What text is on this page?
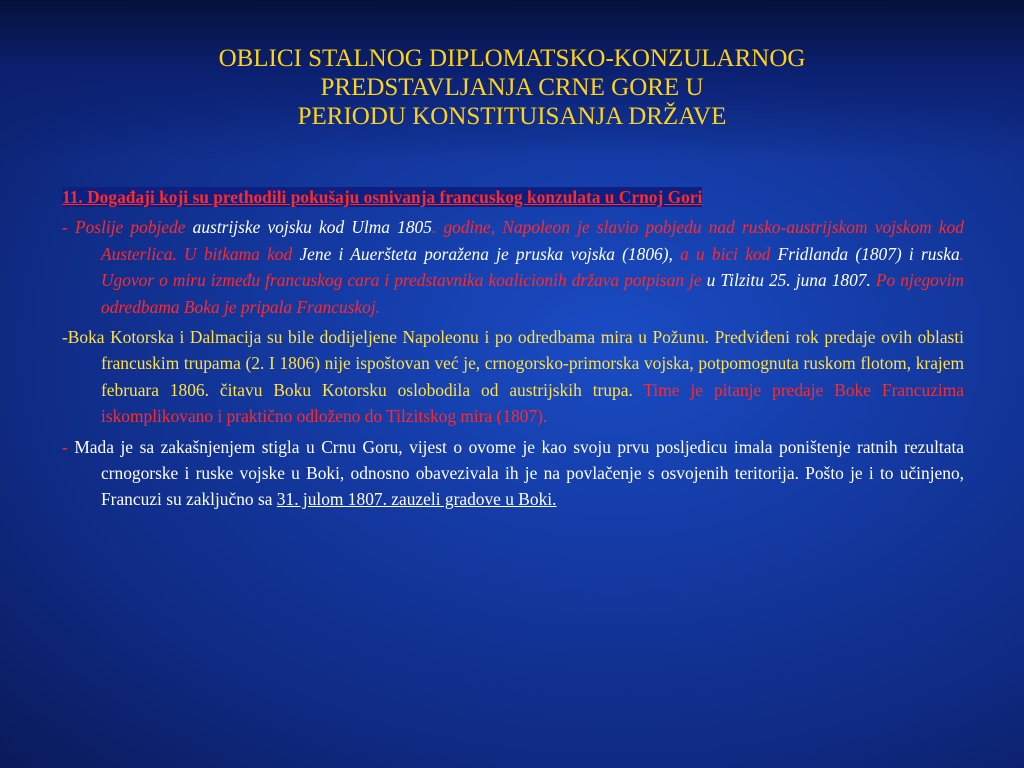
OBLICI STALNOG DIPLOMATSKO-KONZULARNOG
PREDSTAVLJANJA CRNE GORE U
PERIODU KONSTITUISANJA DRŽAVE
11. Događaji koji su prethodili pokušaju osnivanja francuskog konzulata u Crnoj Gori
- Poslije pobjede austrijske vojsku kod Ulma 1805. godine, Napoleon je slavio pobjedu nad rusko-austrijskom vojskom kod Austerlica. U bitkama kod Jene i Aueršteta poražena je pruska vojska (1806), a u bici kod Fridlanda (1807) i ruska. Ugovor o miru između francuskog cara i predstavnika koalicionih država potpisan je u Tilzitu 25. juna 1807. Po njegovim odredbama Boka je pripala Francuskoj.
-Boka Kotorska i Dalmacija su bile dodijeljene Napoleonu i po odredbama mira u Požunu. Predviđeni rok predaje ovih oblasti francuskim trupama (2. I 1806) nije ispoštovan već je, crnogorsko-primorska vojska, potpomognuta ruskom flotom, krajem februara 1806. čitavu Boku Kotorsku oslobodila od austrijskih trupa. Time je pitanje predaje Boke Francuzima iskomplikovano i praktično odloženo do Tilzitskog mira (1807).
- Mada je sa zakašnjenjem stigla u Crnu Goru, vijest o ovome je kao svoju prvu posljedicu imala poništenje ratnih rezultata crnogorske i ruske vojske u Boki, odnosno obavezivala ih je na povlačenje s osvojenih teritorija. Pošto je i to učinjeno, Francuzi su zaključno sa 31. julom 1807. zauzeli gradove u Boki.
